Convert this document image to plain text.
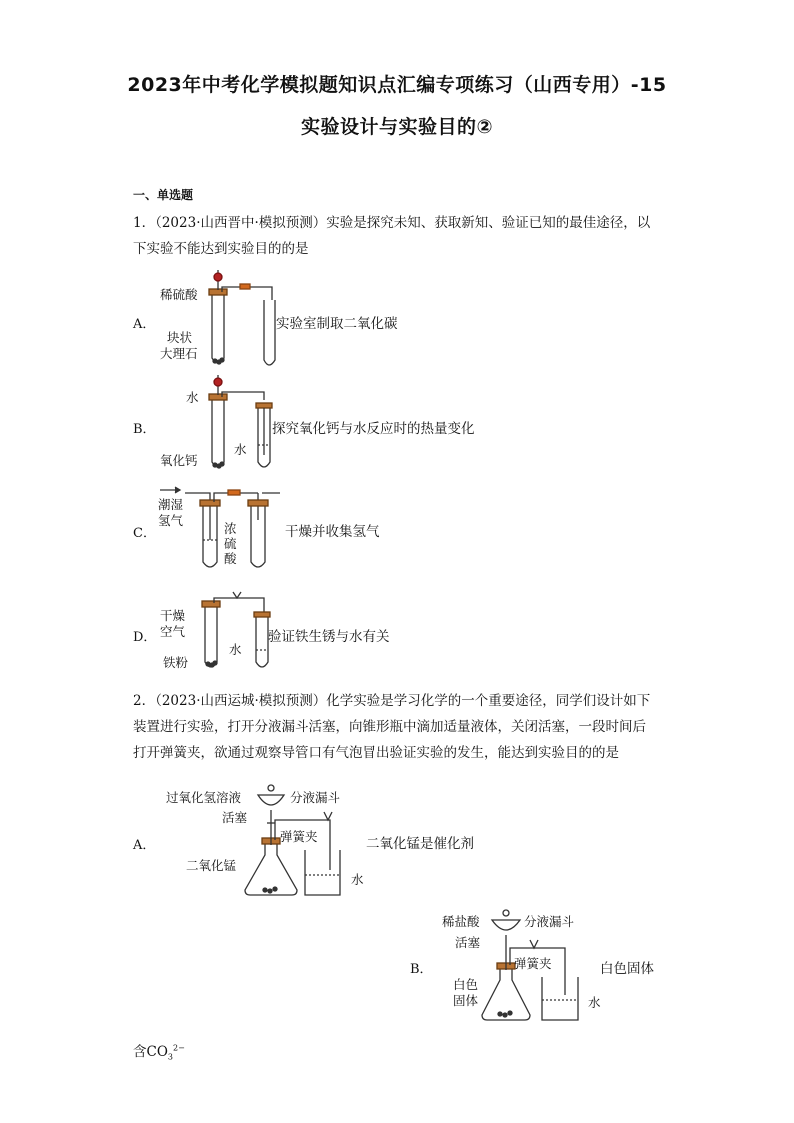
2023年中考化学模拟题知识点汇编专项练习（山西专用）-15
实验设计与实验目的②
一、单选题
1．（2023·山西晋中·模拟预测）实验是探究未知、获取新知、验证已知的最佳途径，以
下实验不能达到实验目的的是
A．	实验室制取二氧化碳
稀硫酸
块状
大理石
B．	探究氧化钙与水反应时的热量变化
水
氧化钙
水
C．	干燥并收集氢气
潮湿
氢气
浓
硫
酸
D．	验证铁生锈与水有关
干燥
空气
铁粉
水
2．（2023·山西运城·模拟预测）化学实验是学习化学的一个重要途径，同学们设计如下
装置进行实验，打开分液漏斗活塞，向锥形瓶中滴加适量液体，关闭活塞，一段时间后
打开弹簧夹，欲通过观察导管口有气泡冒出验证实验的发生，能达到实验目的的是
A．	二氧化锰是催化剂
过氧化氢溶液	分液漏斗
活塞
弹簧夹
二氧化锰
水
B．	白色固体
稀盐酸	分液漏斗
活塞
弹簧夹
白色
固体	水
含$CO_3^{2-}$
